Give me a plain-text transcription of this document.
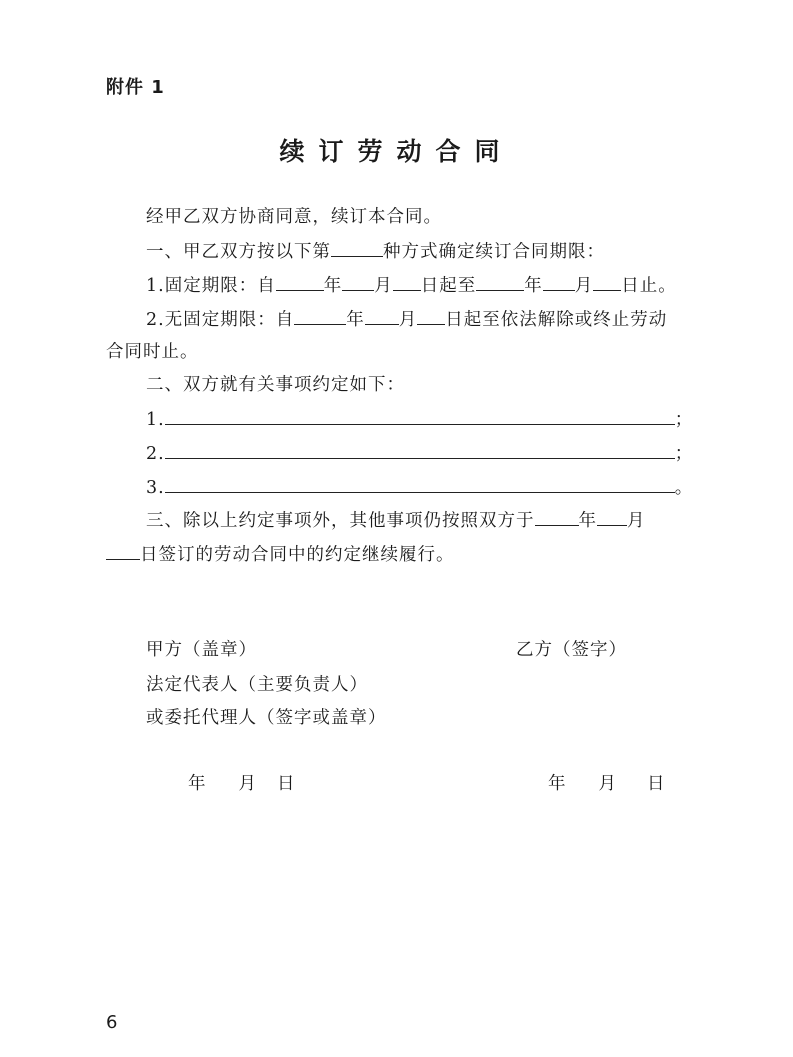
附件 1
续订劳动合同
经甲乙双方协商同意，续订本合同。
一、甲乙双方按以下第	种方式确定续订合同期限：
1.固定期限：自	年 月 日起至	年 月 日止。
2.无固定期限：自	年 月 日起至依法解除或终止劳动
合同时止。
二、双方就有关事项约定如下：
1.	；
2.	；
3.	。
三、除以上约定事项外，其他事项仍按照双方于	年 月
日签订的劳动合同中的约定继续履行。
甲方（盖章）	乙方（签字）
法定代表人（主要负责人）
或委托代理人（签字或盖章）
年 月 日	年 月 日
6
